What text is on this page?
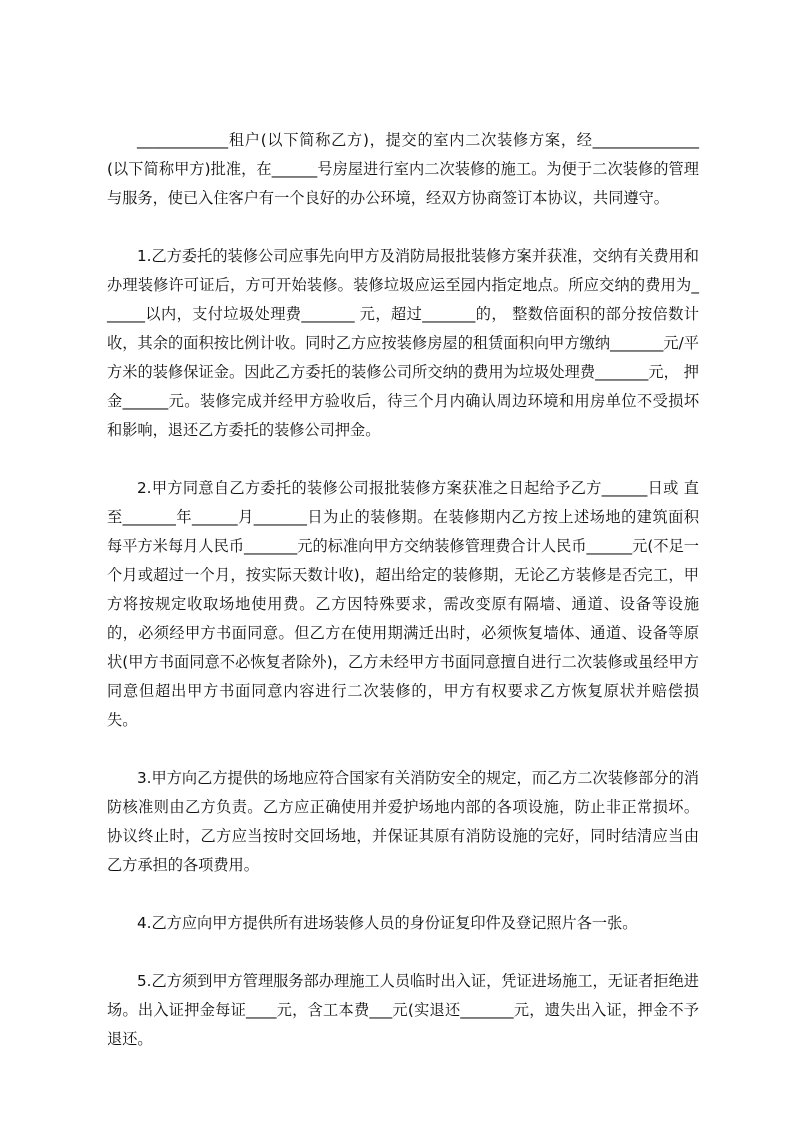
____________租户(以下简称乙方)，提交的室内二次装修方案，经______________(以下简称甲方)批准，在______号房屋进行室内二次装修的施工。为便于二次装修的管理与服务，使已入住客户有一个良好的办公环境，经双方协商签订本协议，共同遵守。

1.乙方委托的装修公司应事先向甲方及消防局报批装修方案并获准，交纳有关费用和办理装修许可证后，方可开始装修。装修垃圾应运至园内指定地点。所应交纳的费用为______以内，支付垃圾处理费_______ 元，超过_______的， 整数倍面积的部分按倍数计收，其余的面积按比例计收。同时乙方应按装修房屋的租赁面积向甲方缴纳_______元/平方米的装修保证金。因此乙方委托的装修公司所交纳的费用为垃圾处理费_______元， 押金______元。装修完成并经甲方验收后，待三个月内确认周边环境和用房单位不受损坏和影响，退还乙方委托的装修公司押金。

2.甲方同意自乙方委托的装修公司报批装修方案获准之日起给予乙方______日或 直至_______年______月_______日为止的装修期。在装修期内乙方按上述场地的建筑面积每平方米每月人民币_______元的标准向甲方交纳装修管理费合计人民币______元(不足一个月或超过一个月，按实际天数计收)，超出给定的装修期，无论乙方装修是否完工，甲方将按规定收取场地使用费。乙方因特殊要求，需改变原有隔墙、通道、设备等设施的，必须经甲方书面同意。但乙方在使用期满迁出时，必须恢复墙体、通道、设备等原状(甲方书面同意不必恢复者除外)，乙方未经甲方书面同意擅自进行二次装修或虽经甲方同意但超出甲方书面同意内容进行二次装修的，甲方有权要求乙方恢复原状并赔偿损失。

3.甲方向乙方提供的场地应符合国家有关消防安全的规定，而乙方二次装修部分的消防核准则由乙方负责。乙方应正确使用并爱护场地内部的各项设施，防止非正常损坏。协议终止时，乙方应当按时交回场地，并保证其原有消防设施的完好，同时结清应当由乙方承担的各项费用。

4.乙方应向甲方提供所有进场装修人员的身份证复印件及登记照片各一张。

5.乙方须到甲方管理服务部办理施工人员临时出入证，凭证进场施工，无证者拒绝进场。出入证押金每证____元，含工本费___元(实退还_______元，遗失出入证，押金不予退还。
